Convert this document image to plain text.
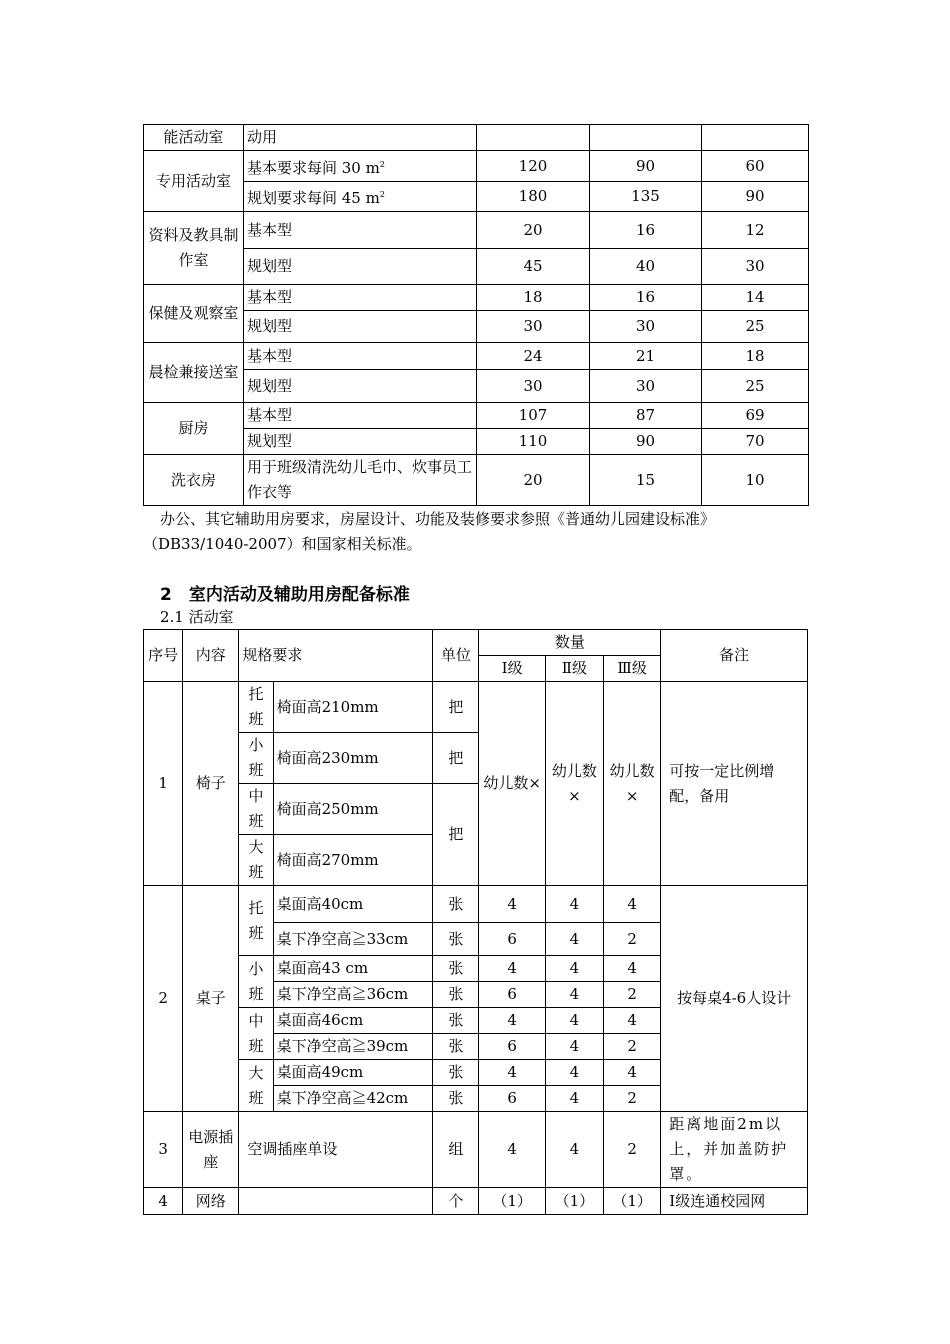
能活动室	动用			
专用活动室	基本要求每间 30 $m^2$	120	90	60
	规划要求每间 45 $m^2$	180	135	90
资料及教具制作室	基本型	20	16	12
	规划型	45	40	30
保健及观察室	基本型	18	16	14
	规划型	30	30	25
晨检兼接送室	基本型	24	21	18
	规划型	30	30	25
厨房	基本型	107	87	69
	规划型	110	90	70
洗衣房	用于班级清洗幼儿毛巾、炊事员工作衣等	20	15	10
办公、其它辅助用房要求，房屋设计、功能及装修要求参照《普通幼儿园建设标准》（DB33/1040-2007）和国家相关标准。
2　室内活动及辅助用房配备标准
2.1 活动室
序号	内容	规格要求		单位	数量			备注
					Ⅰ级	Ⅱ级	Ⅲ级	
1	椅子	托班	椅面高210mm	把	幼儿数×	幼儿数×	幼儿数×	可按一定比例增配，备用
		小班	椅面高230mm	把				
		中班	椅面高250mm	把				
		大班	椅面高270mm					
2	桌子	托班	桌面高40cm	张	4	4	4	按每桌4-6人设计
			桌下净空高≧33cm	张	6	4	2	
		小班	桌面高43 cm	张	4	4	4	
			桌下净空高≧36cm	张	6	4	2	
		中班	桌面高46cm	张	4	4	4	
			桌下净空高≧39cm	张	6	4	2	
		大班	桌面高49cm	张	4	4	4	
			桌下净空高≧42cm	张	6	4	2	
3	电源插座	空调插座单设		组	4	4	2	距离地面2m以上，并加盖防护罩。
4	网络			个	（1）	（1）	（1）	Ⅰ级连通校园网
